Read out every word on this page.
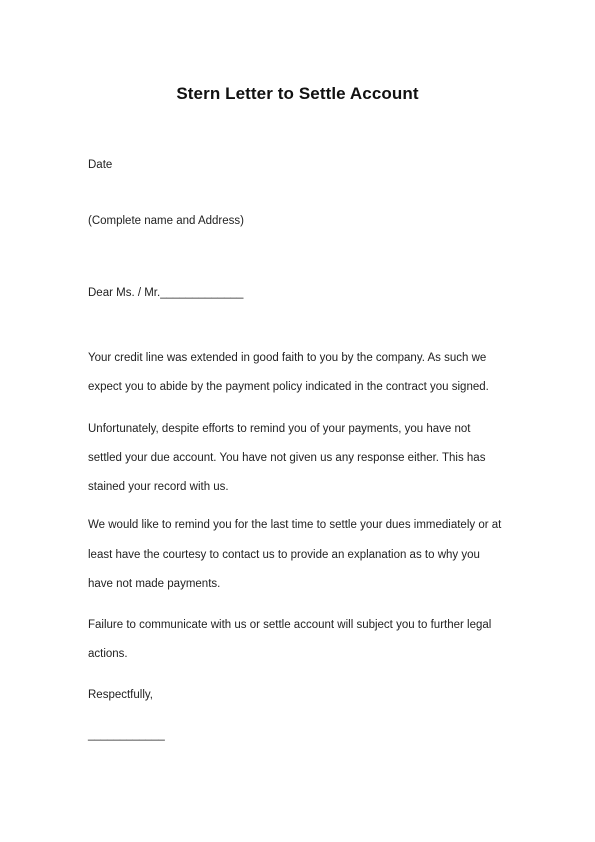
Stern Letter to Settle Account
Date
(Complete name and Address)
Dear Ms. / Mr._____________
Your credit line was extended in good faith to you by the company. As such we
expect you to abide by the payment policy indicated in the contract you signed.
Unfortunately, despite efforts to remind you of your payments, you have not
settled your due account. You have not given us any response either. This has
stained your record with us.
We would like to remind you for the last time to settle your dues immediately or at
least have the courtesy to contact us to provide an explanation as to why you
have not made payments.
Failure to communicate with us or settle account will subject you to further legal
actions.
Respectfully,
____________
